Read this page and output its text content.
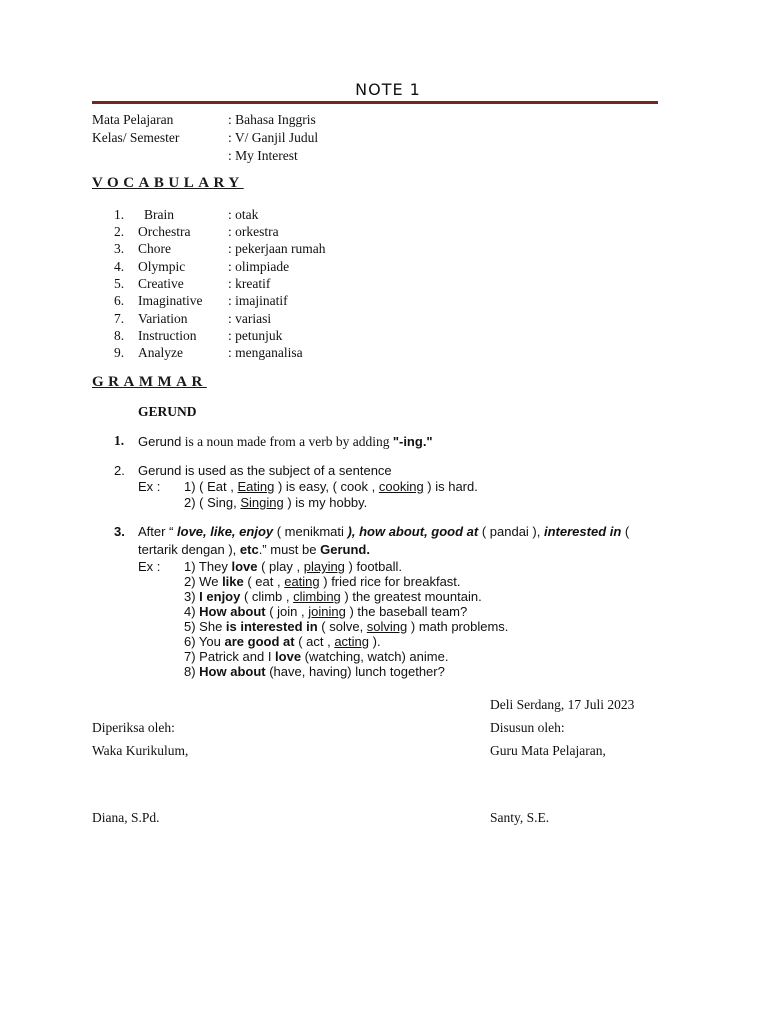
NOTE 1
Mata Pelajaran	: Bahasa Inggris
Kelas/ Semester	: V/ Ganjil Judul
: My Interest
VOCABULARY
1. Brain	: otak
2. Orchestra	: orkestra
3. Chore	: pekerjaan rumah
4. Olympic	: olimpiade
5. Creative	: kreatif
6. Imaginative : imajinatif
7. Variation	: variasi
8. Instruction : petunjuk
9. Analyze	: menganalisa
GRAMMAR
GERUND
1. Gerund is a noun made from a verb by adding "-ing."
2. Gerund is used as the subject of a sentence
Ex : 1) ( Eat , Eating ) is easy, ( cook , cooking ) is hard.
2) ( Sing, Singing ) is my hobby.
3. After “ love, like, enjoy ( menikmati ), how about, good at ( pandai ), interested in (
tertarik dengan ), etc.” must be Gerund.
Ex : 1) They love ( play , playing ) football.
2) We like ( eat , eating ) fried rice for breakfast.
3) I enjoy ( climb , climbing ) the greatest mountain.
4) How about ( join , joining ) the baseball team?
5) She is interested in ( solve, solving ) math problems.
6) You are good at ( act , acting ).
7) Patrick and I love (watching, watch) anime.
8) How about (have, having) lunch together?
Deli Serdang, 17 Juli 2023
Diperiksa oleh:	Disusun oleh:
Waka Kurikulum,	Guru Mata Pelajaran,
Diana, S.Pd.	Santy, S.E.
